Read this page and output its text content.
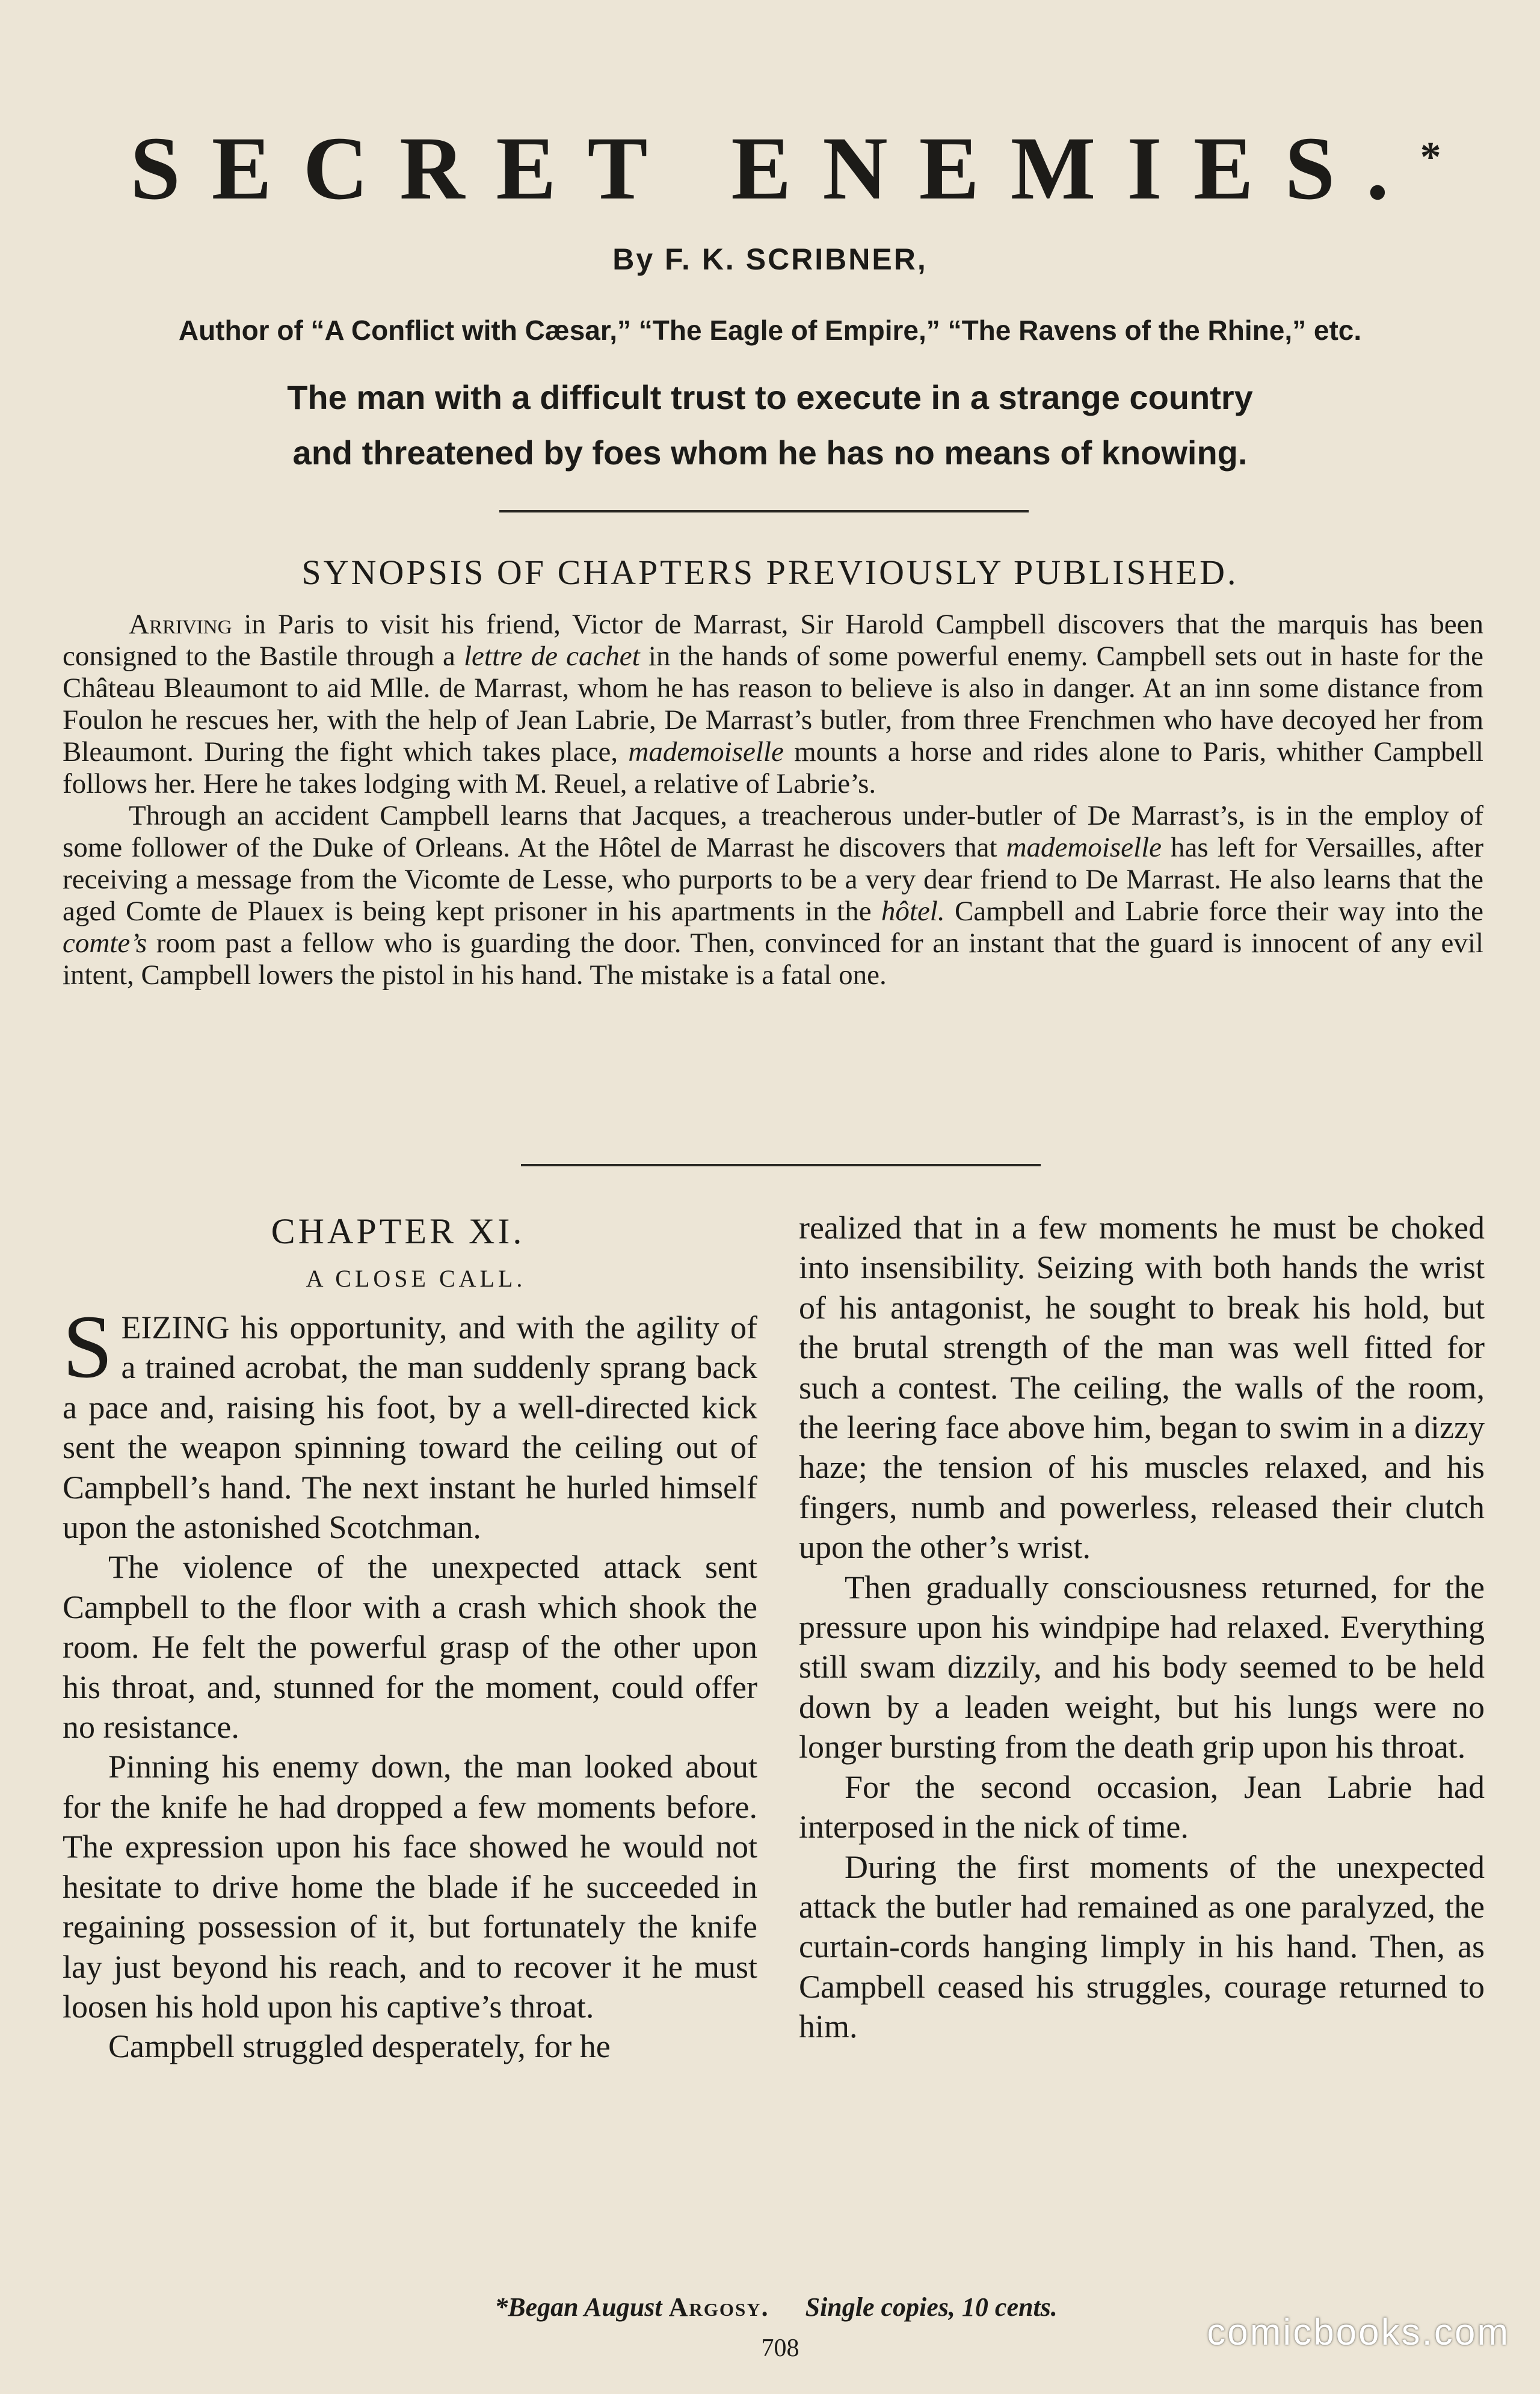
SECRET ENEMIES.*
By F. K. SCRIBNER,
Author of “A Conflict with Cæsar,” “The Eagle of Empire,” “The Ravens of the Rhine,” etc.
The man with a difficult trust to execute in a strange country
and threatened by foes whom he has no means of knowing.
SYNOPSIS OF CHAPTERS PREVIOUSLY PUBLISHED.

Arriving in Paris to visit his friend, Victor de Marrast, Sir Harold Campbell discovers that the marquis has been consigned to the Bastile through a lettre de cachet in the hands of some powerful enemy. Campbell sets out in haste for the Château Bleaumont to aid Mlle. de Marrast, whom he has reason to believe is also in danger. At an inn some distance from Foulon he rescues her, with the help of Jean Labrie, De Marrast’s butler, from three Frenchmen who have decoyed her from Bleaumont. During the fight which takes place, mademoiselle mounts a horse and rides alone to Paris, whither Campbell follows her. Here he takes lodging with M. Reuel, a relative of Labrie’s.

Through an accident Campbell learns that Jacques, a treacherous under-butler of De Marrast’s, is in the employ of some follower of the Duke of Orleans. At the Hôtel de Marrast he discovers that mademoiselle has left for Versailles, after receiving a message from the Vicomte de Lesse, who purports to be a very dear friend to De Marrast. He also learns that the aged Comte de Plauex is being kept prisoner in his apartments in the hôtel. Campbell and Labrie force their way into the comte’s room past a fellow who is guarding the door. Then, convinced for an instant that the guard is innocent of any evil intent, Campbell lowers the pistol in his hand. The mistake is a fatal one.

CHAPTER XI.
A CLOSE CALL.

SEIZING his opportunity, and with the agility of a trained acrobat, the man suddenly sprang back a pace and, raising his foot, by a well-directed kick sent the weapon spinning toward the ceiling out of Campbell’s hand. The next instant he hurled himself upon the astonished Scotchman.

The violence of the unexpected attack sent Campbell to the floor with a crash which shook the room. He felt the powerful grasp of the other upon his throat, and, stunned for the moment, could offer no resistance.

Pinning his enemy down, the man looked about for the knife he had dropped a few moments before. The expression upon his face showed he would not hesitate to drive home the blade if he succeeded in regaining possession of it, but fortunately the knife lay just beyond his reach, and to recover it he must loosen his hold upon his captive’s throat.

Campbell struggled desperately, for he

realized that in a few moments he must be choked into insensibility. Seizing with both hands the wrist of his antagonist, he sought to break his hold, but the brutal strength of the man was well fitted for such a contest. The ceiling, the walls of the room, the leering face above him, began to swim in a dizzy haze; the tension of his muscles relaxed, and his fingers, numb and powerless, released their clutch upon the other’s wrist.

Then gradually consciousness returned, for the pressure upon his windpipe had relaxed. Everything still swam dizzily, and his body seemed to be held down by a leaden weight, but his lungs were no longer bursting from the death grip upon his throat.

For the second occasion, Jean Labrie had interposed in the nick of time.

During the first moments of the unexpected attack the butler had remained as one paralyzed, the curtain-cords hanging limply in his hand. Then, as Campbell ceased his struggles, courage returned to him.

*Began August Argosy. Single copies, 10 cents.
708	comicbooks.com
